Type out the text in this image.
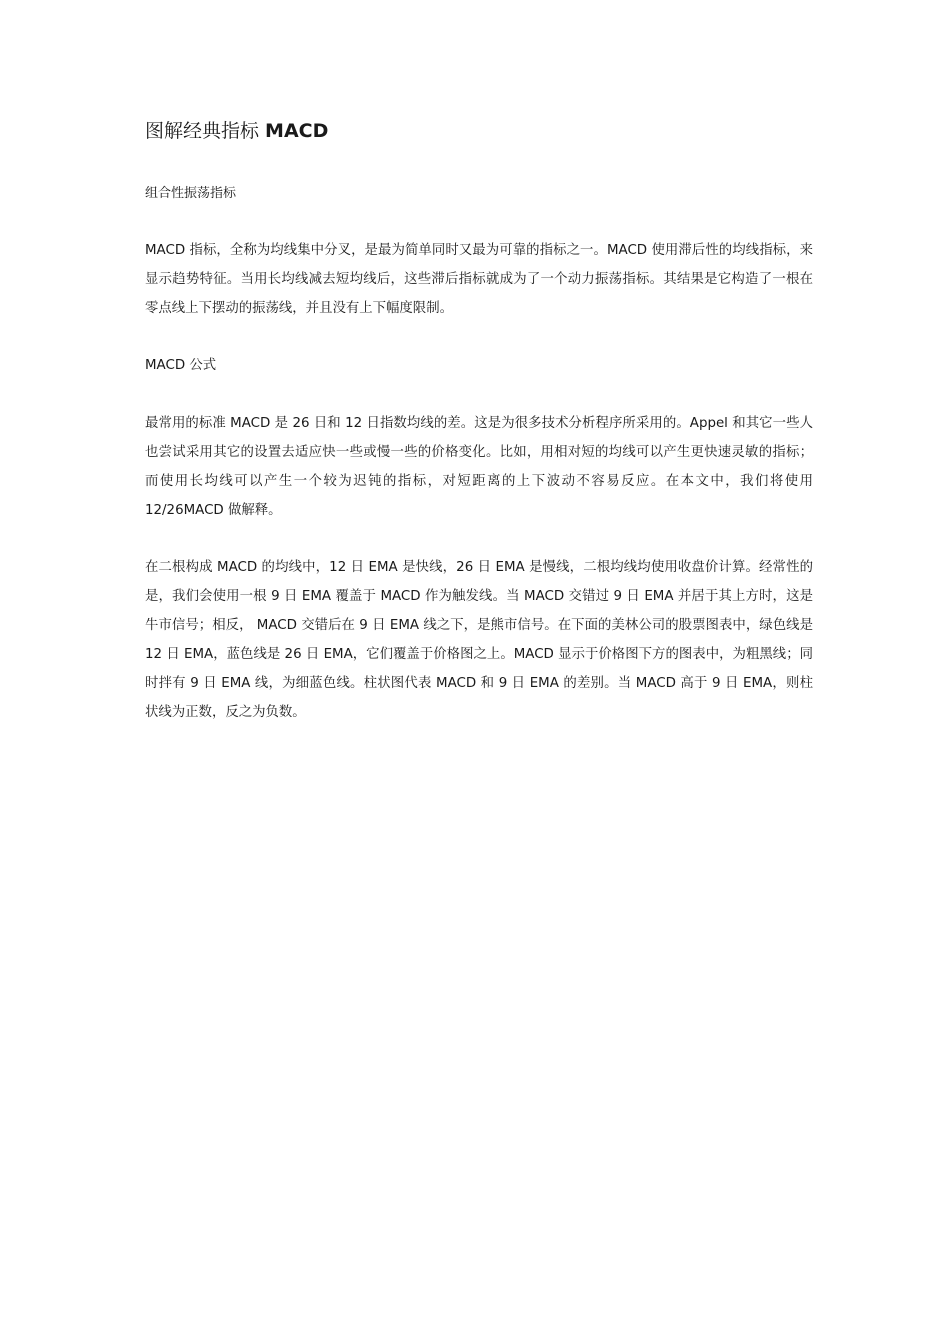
图解经典指标 MACD
组合性振荡指标

MACD 指标，全称为均线集中分叉，是最为简单同时又最为可靠的指标之一。MACD 使用滞后性的均线指标，来显示趋势特征。当用长均线减去短均线后，这些滞后指标就成为了一个动力振荡指标。其结果是它构造了一根在零点线上下摆动的振荡线，并且没有上下幅度限制。

MACD 公式

最常用的标准 MACD 是 26 日和 12 日指数均线的差。这是为很多技术分析程序所采用的。Appel 和其它一些人也尝试采用其它的设置去适应快一些或慢一些的价格变化。比如，用相对短的均线可以产生更快速灵敏的指标；而使用长均线可以产生一个较为迟钝的指标，对短距离的上下波动不容易反应。在本文中，我们将使用 12/26MACD 做解释。

在二根构成 MACD 的均线中，12 日 EMA 是快线，26 日 EMA 是慢线，二根均线均使用收盘价计算。经常性的是，我们会使用一根 9 日 EMA 覆盖于 MACD 作为触发线。当 MACD 交错过 9 日 EMA 并居于其上方时，这是牛市信号；相反， MACD 交错后在 9 日 EMA 线之下，是熊市信号。在下面的美林公司的股票图表中，绿色线是 12 日 EMA，蓝色线是 26 日 EMA，它们覆盖于价格图之上。MACD 显示于价格图下方的图表中，为粗黑线；同时拌有 9 日 EMA 线，为细蓝色线。柱状图代表 MACD 和 9 日 EMA 的差别。当 MACD 高于 9 日 EMA，则柱状线为正数，反之为负数。
